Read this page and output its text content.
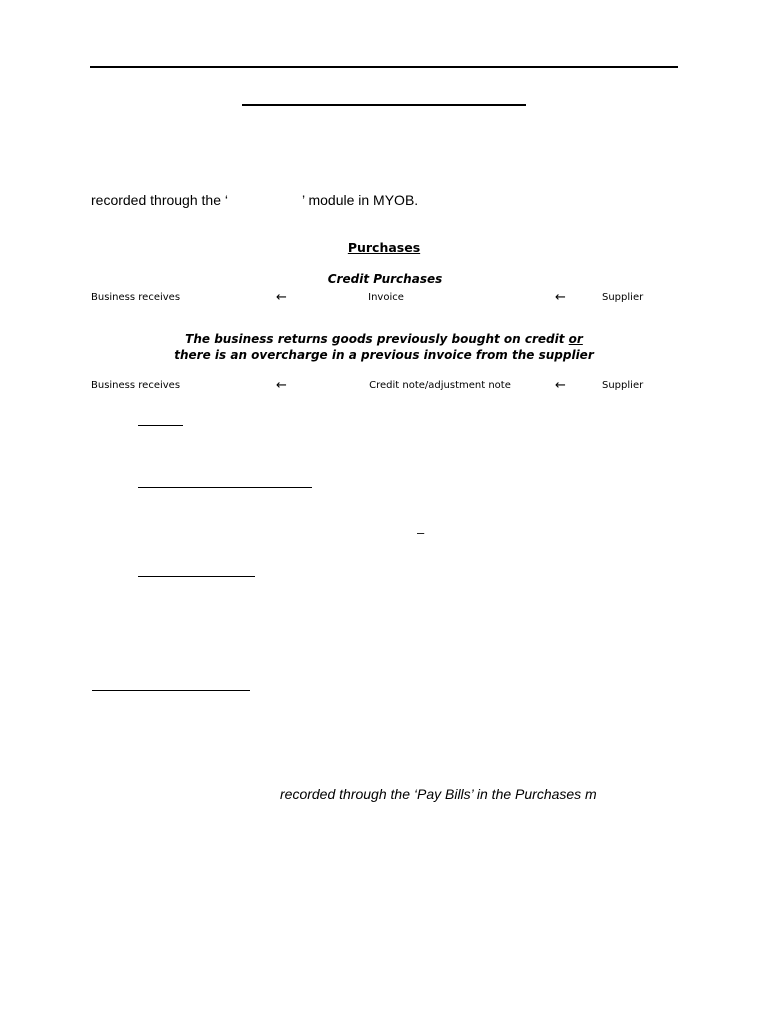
recorded through the ‘	’ module in MYOB.
Purchases
Credit Purchases
Business receives	←	Invoice	←	Supplier
The business returns goods previously bought on credit or
there is an overcharge in a previous invoice from the supplier
Business receives	←	Credit note/adjustment note	←	Supplier
–
recorded through the ‘Pay Bills’ in the Purchases m
